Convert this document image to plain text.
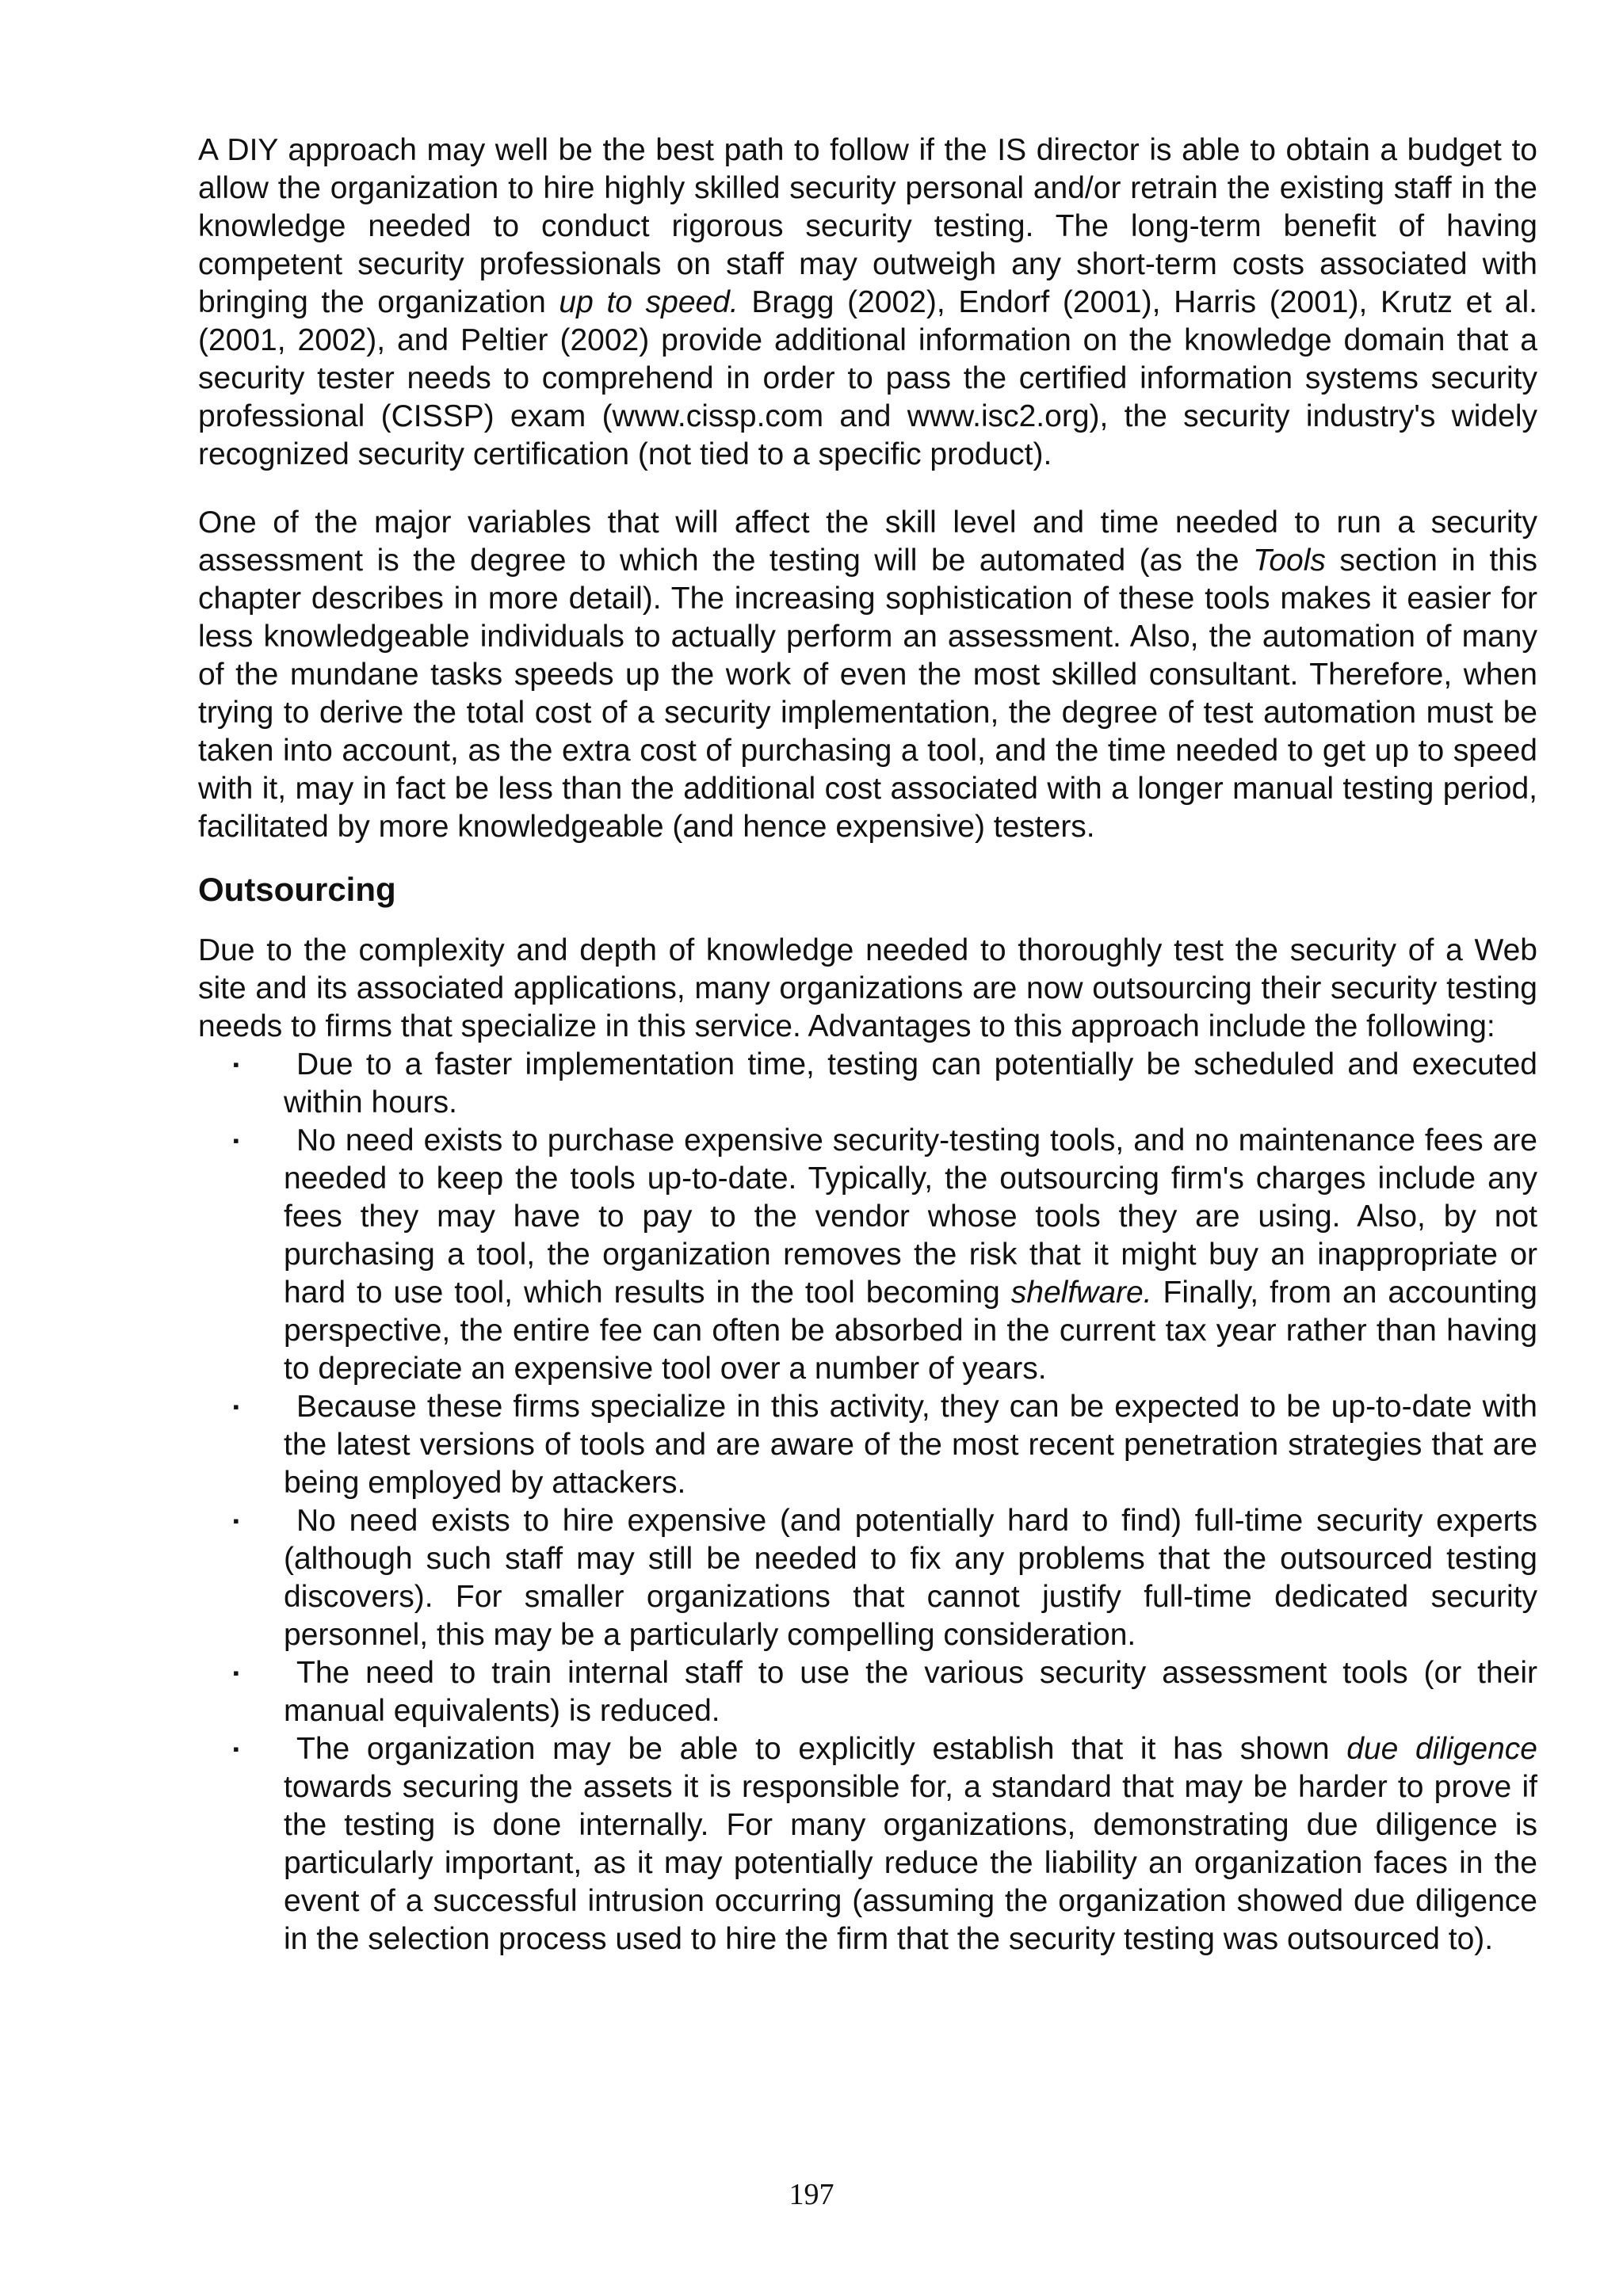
A DIY approach may well be the best path to follow if the IS director is able to obtain a budget to allow the organization to hire highly skilled security personal and/or retrain the existing staff in the knowledge needed to conduct rigorous security testing. The long-term benefit of having competent security professionals on staff may outweigh any short-term costs associated with bringing the organization up to speed. Bragg (2002), Endorf (2001), Harris (2001), Krutz et al. (2001, 2002), and Peltier (2002) provide additional information on the knowledge domain that a security tester needs to comprehend in order to pass the certified information systems security professional (CISSP) exam (www.cissp.com and www.isc2.org), the security industry's widely recognized security certification (not tied to a specific product).

One of the major variables that will affect the skill level and time needed to run a security assessment is the degree to which the testing will be automated (as the Tools section in this chapter describes in more detail). The increasing sophistication of these tools makes it easier for less knowledgeable individuals to actually perform an assessment. Also, the automation of many of the mundane tasks speeds up the work of even the most skilled consultant. Therefore, when trying to derive the total cost of a security implementation, the degree of test automation must be taken into account, as the extra cost of purchasing a tool, and the time needed to get up to speed with it, may in fact be less than the additional cost associated with a longer manual testing period, facilitated by more knowledgeable (and hence expensive) testers.

Outsourcing

Due to the complexity and depth of knowledge needed to thoroughly test the security of a Web site and its associated applications, many organizations are now outsourcing their security testing needs to firms that specialize in this service. Advantages to this approach include the following:

▪ Due to a faster implementation time, testing can potentially be scheduled and executed within hours.
▪ No need exists to purchase expensive security-testing tools, and no maintenance fees are needed to keep the tools up-to-date. Typically, the outsourcing firm's charges include any fees they may have to pay to the vendor whose tools they are using. Also, by not purchasing a tool, the organization removes the risk that it might buy an inappropriate or hard to use tool, which results in the tool becoming shelfware. Finally, from an accounting perspective, the entire fee can often be absorbed in the current tax year rather than having to depreciate an expensive tool over a number of years.
▪ Because these firms specialize in this activity, they can be expected to be up-to-date with the latest versions of tools and are aware of the most recent penetration strategies that are being employed by attackers.
▪ No need exists to hire expensive (and potentially hard to find) full-time security experts (although such staff may still be needed to fix any problems that the outsourced testing discovers). For smaller organizations that cannot justify full-time dedicated security personnel, this may be a particularly compelling consideration.
▪ The need to train internal staff to use the various security assessment tools (or their manual equivalents) is reduced.
▪ The organization may be able to explicitly establish that it has shown due diligence towards securing the assets it is responsible for, a standard that may be harder to prove if the testing is done internally. For many organizations, demonstrating due diligence is particularly important, as it may potentially reduce the liability an organization faces in the event of a successful intrusion occurring (assuming the organization showed due diligence in the selection process used to hire the firm that the security testing was outsourced to).
197
